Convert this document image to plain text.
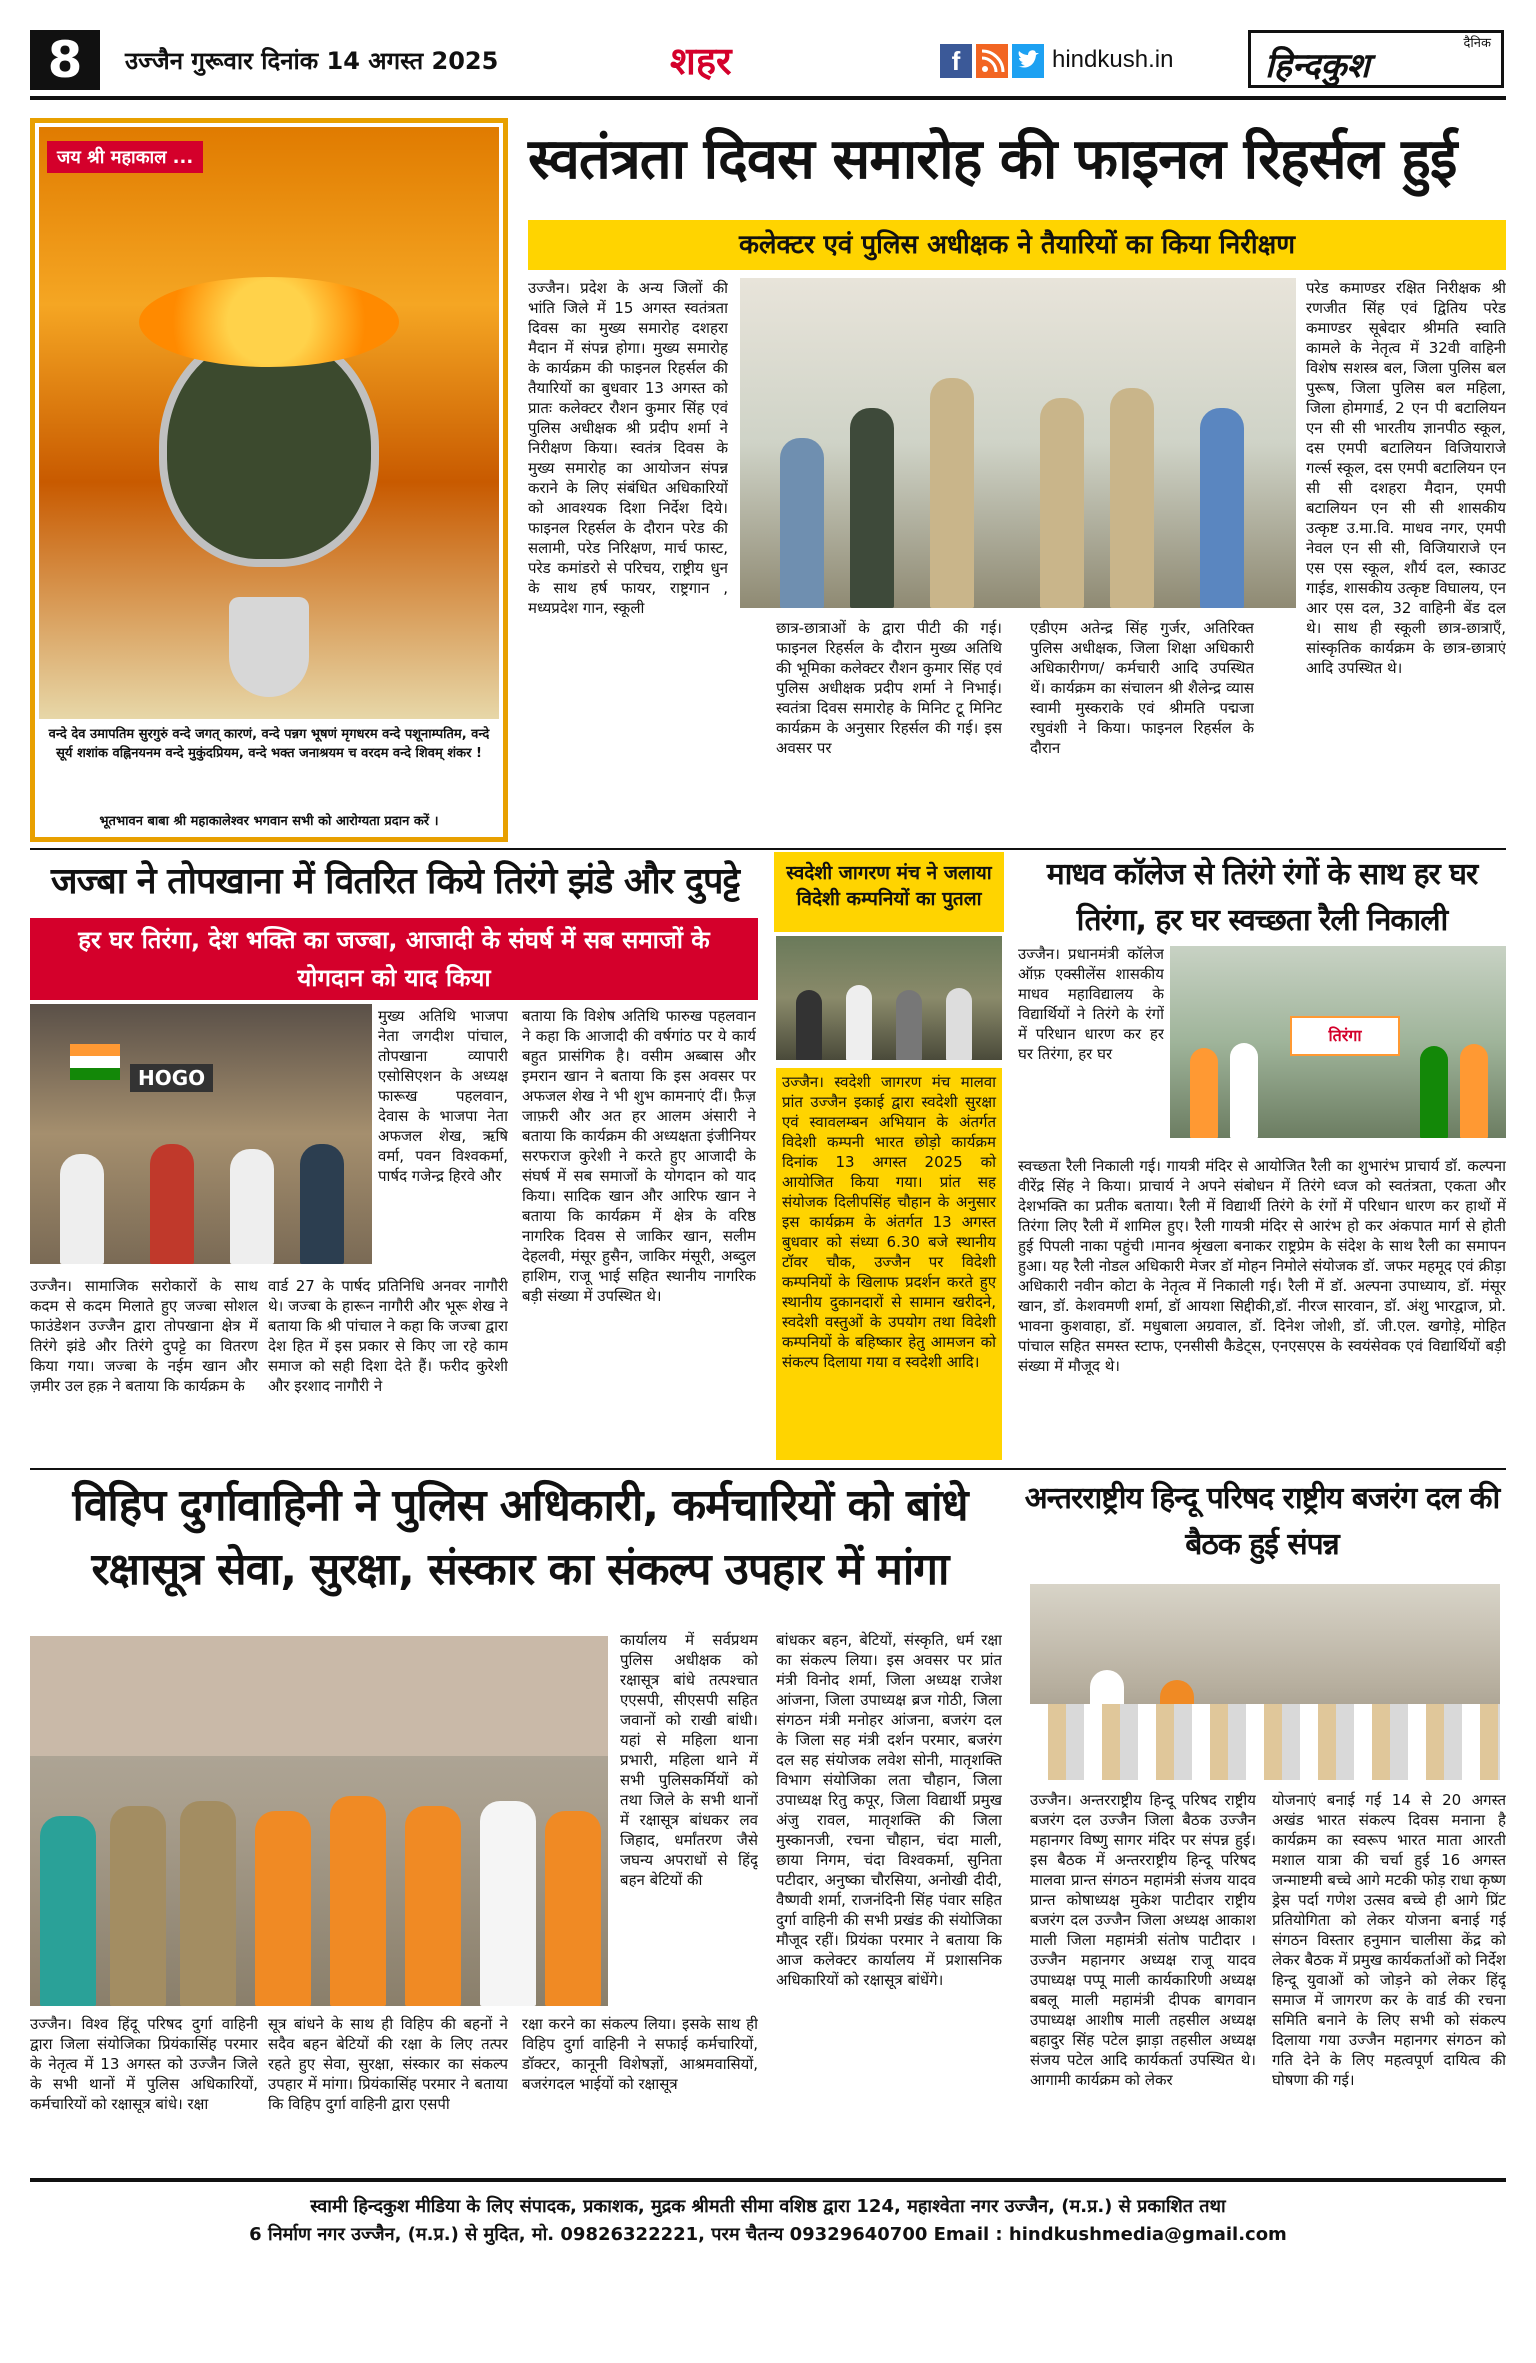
8	उज्जैन गुरूवार दिनांक 14 अगस्त 2025	शहर	f	hindkush.in
दैनिक
हिन्दकुश
जय श्री महाकाल ...
वन्दे देव उमापतिम सुरगुरुं वन्दे जगत् कारणं, वन्दे पन्नग भूषणं मृगधरम वन्दे पशूनाम्पतिम, वन्दे सूर्य शशांक वह्निनयनम वन्दे मुकुंदप्रियम, वन्दे भक्त जनाश्रयम च वरदम वन्दे शिवम् शंकर !
भूतभावन बाबा श्री महाकालेश्वर भगवान सभी को आरोग्यता प्रदान करें ।
स्वतंत्रता दिवस समारोह की फाइनल रिहर्सल हुई
कलेक्टर एवं पुलिस अधीक्षक ने तैयारियों का किया निरीक्षण

उज्जैन। प्रदेश के अन्य जिलों की भांति जिले में 15 अगस्त स्वतंत्रता दिवस का मुख्य समारोह दशहरा मैदान में संपन्न होगा। मुख्य समारोह के कार्यक्रम की फाइनल रिहर्सल की तैयारियों का बुधवार 13 अगस्त को प्रातः कलेक्टर रौशन कुमार सिंह एवं पुलिस अधीक्षक श्री प्रदीप शर्मा ने निरीक्षण किया। स्वतंत्र दिवस के मुख्य समारोह का आयोजन संपन्न कराने के लिए संबंधित अधिकारियों को आवश्यक दिशा निर्देश दिये। फाइनल रिहर्सल के दौरान परेड की सलामी, परेड निरिक्षण, मार्च फास्ट, परेड कमांडरो से परिचय, राष्ट्रीय धुन के साथ हर्ष फायर, राष्ट्रगान , मध्यप्रदेश गान, स्कूली

छात्र-छात्राओं के द्वारा पीटी की गई। फाइनल रिहर्सल के दौरान मुख्य अतिथि की भूमिका कलेक्टर रौशन कुमार सिंह एवं पुलिस अधीक्षक प्रदीप शर्मा ने निभाई। स्वतंत्रा दिवस समारोह के मिनिट टू मिनिट कार्यक्रम के अनुसार रिहर्सल की गई। इस अवसर पर

एडीएम अतेन्द्र सिंह गुर्जर, अतिरिक्त पुलिस अधीक्षक, जिला शिक्षा अधिकारी अधिकारीगण/ कर्मचारी आदि उपस्थित थें। कार्यक्रम का संचालन श्री शैलेन्द्र व्यास स्वामी मुस्कराके एवं श्रीमति पद्मजा रघुवंशी ने किया। फाइनल रिहर्सल के दौरान

परेड कमाण्डर रक्षित निरीक्षक श्री रणजीत सिंह एवं द्वितिय परेड कमाण्डर सूबेदार श्रीमति स्वाति कामले के नेतृत्व में 32वी वाहिनी विशेष सशस्त्र बल, जिला पुलिस बल पुरूष, जिला पुलिस बल महिला, जिला होमगार्ड, 2 एन पी बटालियन एन सी सी भारतीय ज्ञानपीठ स्कूल, दस एमपी बटालियन विजियाराजे गर्ल्स स्कूल, दस एमपी बटालियन एन सी सी दशहरा मैदान, एमपी बटालियन एन सी सी शासकीय उत्कृष्ट उ.मा.वि. माधव नगर, एमपी नेवल एन सी सी, विजियाराजे एन एस एस स्कूल, शौर्य दल, स्काउट गाईड, शासकीय उत्कृष्ट विघालय, एन आर एस दल, 32 वाहिनी बेंड दल थे। साथ ही स्कूली छात्र-छात्राएँ, सांस्कृतिक कार्यक्रम के छात्र-छात्राएं आदि उपस्थित थे।

जज्बा ने तोपखाना में वितरित किये तिरंगे झंडे और दुपट्टे
हर घर तिरंगा, देश भक्ति का जज्बा, आजादी के संघर्ष में सब समाजों के योगदान को याद किया
HOGO

मुख्य अतिथि भाजपा नेता जगदीश पांचाल, तोपखाना व्यापारी एसोसिएशन के अध्यक्ष फारूख पहलवान, देवास के भाजपा नेता अफजल शेख, ऋषि वर्मा, पवन विश्वकर्मा, पार्षद गजेन्द्र हिरवे और

उज्जैन। सामाजिक सरोकारों के साथ कदम से कदम मिलाते हुए जज्बा सोशल फाउंडेशन उज्जैन द्वारा तोपखाना क्षेत्र में तिरंगे झंडे और तिरंगे दुपट्टे का वितरण किया गया। जज्बा के नईम खान और ज़मीर उल हक़ ने बताया कि कार्यक्रम के

वार्ड 27 के पार्षद प्रतिनिधि अनवर नागौरी थे। जज्बा के हारून नागौरी और भूरू शेख ने बताया कि श्री पांचाल ने कहा कि जज्बा द्वारा देश हित में इस प्रकार से किए जा रहे काम समाज को सही दिशा देते हैं। फरीद कुरेशी और इरशाद नागौरी ने

बताया कि विशेष अतिथि फारुख पहलवान ने कहा कि आजादी की वर्षगांठ पर ये कार्य बहुत प्रासंगिक है। वसीम अब्बास और इमरान खान ने बताया कि इस अवसर पर अफजल शेख ने भी शुभ कामनाएं दीं। फ़ैज़ जाफ़री और अत हर आलम अंसारी ने बताया कि कार्यक्रम की अध्यक्षता इंजीनियर सरफराज कुरेशी ने करते हुए आजादी के संघर्ष में सब समाजों के योगदान को याद किया। सादिक खान और आरिफ खान ने बताया कि कार्यक्रम में क्षेत्र के वरिष्ठ नागरिक दिवस से जाकिर खान, सलीम देहलवी, मंसूर हुसैन, जाकिर मंसूरी, अब्दुल हाशिम, राजू भाई सहित स्थानीय नागरिक बड़ी संख्या में उपस्थित थे।

स्वदेशी जागरण मंच ने जलाया विदेशी कम्पनियों का पुतला

उज्जैन। स्वदेशी जागरण मंच मालवा प्रांत उज्जैन इकाई द्वारा स्वदेशी सुरक्षा एवं स्वावलम्बन अभियान के अंतर्गत विदेशी कम्पनी भारत छोड़ो कार्यक्रम दिनांक 13 अगस्त 2025 को आयोजित किया गया। प्रांत सह संयोजक दिलीपसिंह चौहान के अनुसार इस कार्यक्रम के अंतर्गत 13 अगस्त बुधवार को संध्या 6.30 बजे स्थानीय टॉवर चौक, उज्जैन पर विदेशी कम्पनियों के खिलाफ प्रदर्शन करते हुए स्थानीय दुकानदारों से सामान खरीदने, स्वदेशी वस्तुओं के उपयोग तथा विदेशी कम्पनियों के बहिष्कार हेतु आमजन को संकल्प दिलाया गया व स्वदेशी आदि।

माधव कॉलेज से तिरंगे रंगों के साथ हर घर तिरंगा, हर घर स्वच्छता रैली निकाली

उज्जैन। प्रधानमंत्री कॉलेज ऑफ़ एक्सीलेंस शासकीय माधव महाविद्यालय के विद्यार्थियों ने तिरंगे के रंगों में परिधान धारण कर हर घर तिरंगा, हर घर

तिरंगा

स्वच्छता रैली निकाली गई। गायत्री मंदिर से आयोजित रैली का शुभारंभ प्राचार्य डॉ. कल्पना वीरेंद्र सिंह ने किया। प्राचार्य ने अपने संबोधन में तिरंगे ध्वज को स्वतंत्रता, एकता और देशभक्ति का प्रतीक बताया। रैली में विद्यार्थी तिरंगे के रंगों में परिधान धारण कर हाथों में तिरंगा लिए रैली में शामिल हुए। रैली गायत्री मंदिर से आरंभ हो कर अंकपात मार्ग से होती हुई पिपली नाका पहुंची ।मानव श्रृंखला बनाकर राष्ट्रप्रेम के संदेश के साथ रैली का समापन हुआ। यह रैली नोडल अधिकारी मेजर डॉ मोहन निमोले संयोजक डॉ. जफर महमूद एवं क्रीड़ा अधिकारी नवीन कोटा के नेतृत्व में निकाली गई। रैली में डॉ. अल्पना उपाध्याय, डॉ. मंसूर खान, डॉ. केशवमणी शर्मा, डॉ आयशा सिद्दीकी,डॉ. नीरज सारवान, डॉ. अंशु भारद्वाज, प्रो. भावना कुशवाहा, डॉ. मधुबाला अग्रवाल, डॉ. दिनेश जोशी, डॉ. जी.एल. खगोड़े, मोहित पांचाल सहित समस्त स्टाफ, एनसीसी कैडेट्स, एनएसएस के स्वयंसेवक एवं विद्यार्थियों बड़ी संख्या में मौजूद थे।

विहिप दुर्गावाहिनी ने पुलिस अधिकारी, कर्मचारियों को बांधे
रक्षासूत्र सेवा, सुरक्षा, संस्कार का संकल्प उपहार में मांगा

कार्यालय में सर्वप्रथम पुलिस अधीक्षक को रक्षासूत्र बांधे तत्पश्चात एएसपी, सीएसपी सहित जवानों को राखी बांधी। यहां से महिला थाना प्रभारी, महिला थाने में सभी पुलिसकर्मियों को तथा जिले के सभी थानों में रक्षासूत्र बांधकर लव जिहाद, धर्मांतरण जैसे जघन्य अपराधों से हिंदू बहन बेटियों की

बांधकर बहन, बेटियों, संस्कृति, धर्म रक्षा का संकल्प लिया। इस अवसर पर प्रांत मंत्री विनोद शर्मा, जिला अध्यक्ष राजेश आंजना, जिला उपाध्यक्ष ब्रज गोठी, जिला संगठन मंत्री मनोहर आंजना, बजरंग दल के जिला सह मंत्री दर्शन परमार, बजरंग दल सह संयोजक लवेश सोनी, मातृशक्ति विभाग संयोजिका लता चौहान, जिला उपाध्यक्ष रितु कपूर, जिला विद्यार्थी प्रमुख अंजु रावल, मातृशक्ति की जिला मुस्कानजी, रचना चौहान, चंदा माली, छाया निगम, चंदा विश्वकर्मा, सुनिता पटीदार, अनुष्का चौरसिया, अनोखी दीदी, वैष्णवी शर्मा, राजनंदिनी सिंह पंवार सहित दुर्गा वाहिनी की सभी प्रखंड की संयोजिका मौजूद रहीं। प्रियंका परमार ने बताया कि आज कलेक्टर कार्यालय में प्रशासनिक अधिकारियों को रक्षासूत्र बांधेंगे।

उज्जैन। विश्व हिंदू परिषद दुर्गा वाहिनी द्वारा जिला संयोजिका प्रियंकासिंह परमार के नेतृत्व में 13 अगस्त को उज्जैन जिले के सभी थानों में पुलिस अधिकारियों, कर्मचारियों को रक्षासूत्र बांधे। रक्षा

सूत्र बांधने के साथ ही विहिप की बहनों ने सदैव बहन बेटियों की रक्षा के लिए तत्पर रहते हुए सेवा, सुरक्षा, संस्कार का संकल्प उपहार में मांगा। प्रियंकासिंह परमार ने बताया कि विहिप दुर्गा वाहिनी द्वारा एसपी

रक्षा करने का संकल्प लिया। इसके साथ ही विहिप दुर्गा वाहिनी ने सफाई कर्मचारियों, डॉक्टर, कानूनी विशेषज्ञों, आश्रमवासियों, बजरंगदल भाईयों को रक्षासूत्र

अन्तरराष्ट्रीय हिन्दू परिषद राष्ट्रीय बजरंग दल की बैठक हुई संपन्न

उज्जैन। अन्तरराष्ट्रीय हिन्दू परिषद राष्ट्रीय बजरंग दल उज्जैन जिला बैठक उज्जैन महानगर विष्णु सागर मंदिर पर संपन्न हुई। इस बैठक में अन्तरराष्ट्रीय हिन्दू परिषद मालवा प्रान्त संगठन महामंत्री संजय यादव प्रान्त कोषाध्यक्ष मुकेश पाटीदार राष्ट्रीय बजरंग दल उज्जैन जिला अध्यक्ष आकाश माली जिला महामंत्री संतोष पाटीदार । उज्जैन महानगर अध्यक्ष राजू यादव उपाध्यक्ष पप्पू माली कार्यकारिणी अध्यक्ष बबलू माली महामंत्री दीपक बागवान उपाध्यक्ष आशीष माली तहसील अध्यक्ष बहादुर सिंह पटेल झाड़ा तहसील अध्यक्ष संजय पटेल आदि कार्यकर्ता उपस्थित थे। आगामी कार्यक्रम को लेकर

योजनाएं बनाई गई 14 से 20 अगस्त अखंड भारत संकल्प दिवस मनाना है कार्यक्रम का स्वरूप भारत माता आरती मशाल यात्रा की चर्चा हुई 16 अगस्त जन्माष्टमी बच्चे आगे मटकी फोड़ राधा कृष्ण ड्रेस पर्दा गणेश उत्सव बच्चे ही आगे प्रिंट प्रतियोगिता को लेकर योजना बनाई गई संगठन विस्तार हनुमान चालीसा केंद्र को लेकर बैठक में प्रमुख कार्यकर्ताओं को निर्देश हिन्दू युवाओं को जोड़ने को लेकर हिंदू समाज में जागरण कर के वार्ड की रचना समिति बनाने के लिए सभी को संकल्प दिलाया गया उज्जैन महानगर संगठन को गति देने के लिए महत्वपूर्ण दायित्व की घोषणा की गई।

स्वामी हिन्दकुश मीडिया के लिए संपादक, प्रकाशक, मुद्रक श्रीमती सीमा वशिष्ठ द्वारा 124, महाश्वेता नगर उज्जैन, (म.प्र.) से प्रकाशित तथा
6 निर्माण नगर उज्जैन, (म.प्र.) से मुदित, मो. 09826322221, परम चैतन्य 09329640700 Email : hindkushmedia@gmail.com
